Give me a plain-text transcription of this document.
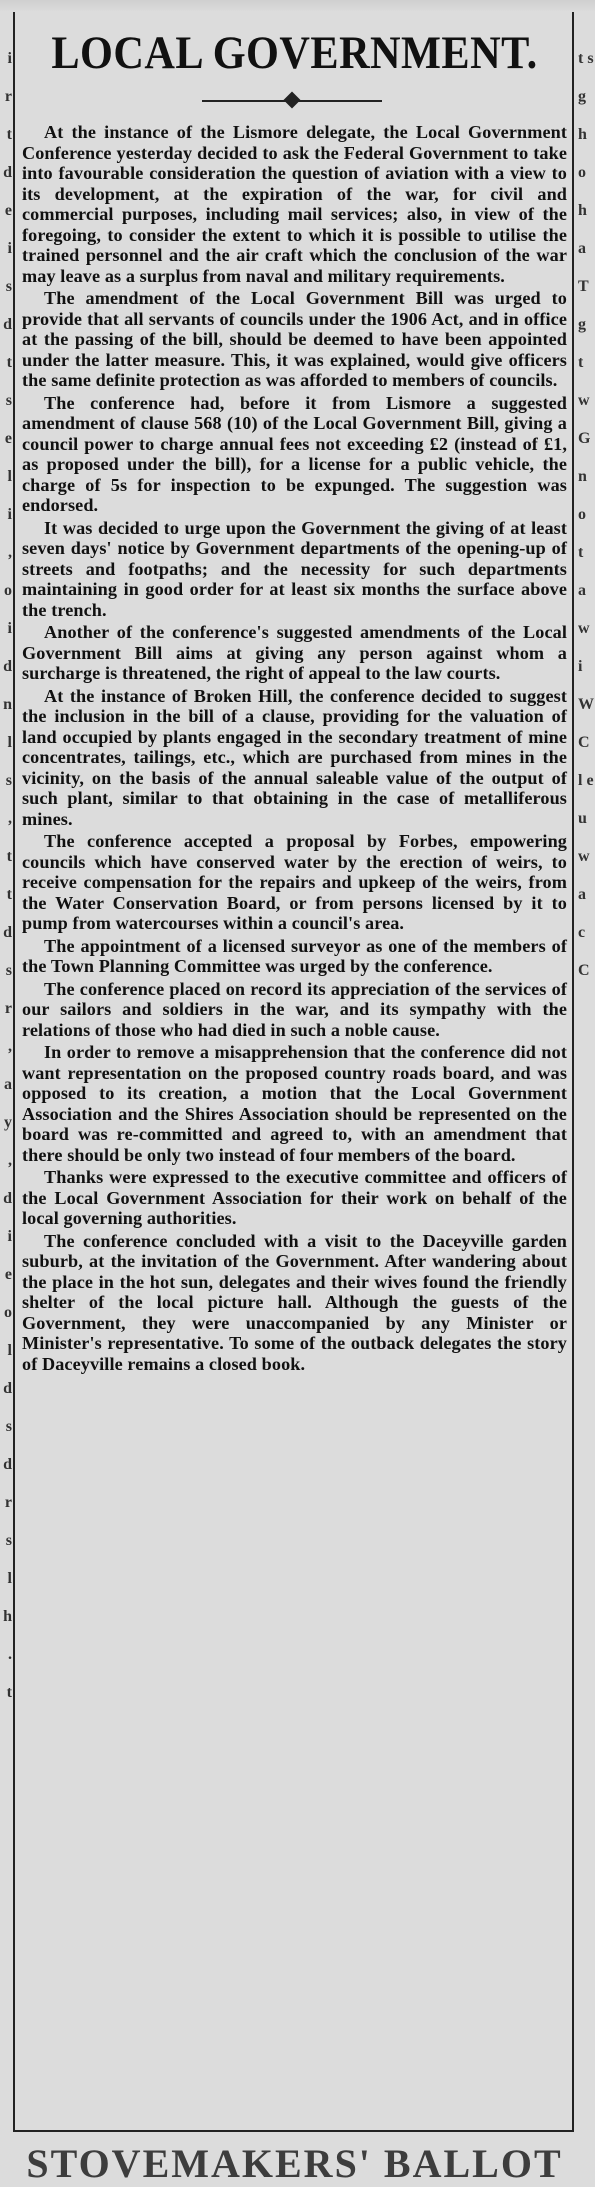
i r t d e i s d t s e l i , o i d n l s , t t d s r , a y , d i e o l d s d r s l h . t
t s g h o h a T g t w G n o t a w i W C l e u w a c C
LOCAL GOVERNMENT.

At the instance of the Lismore delegate, the Local Government Conference yesterday decided to ask the Federal Government to take into favourable consideration the question of aviation with a view to its development, at the expiration of the war, for civil and commercial purposes, including mail services; also, in view of the foregoing, to consider the extent to which it is possible to utilise the trained personnel and the air craft which the conclusion of the war may leave as a surplus from naval and military requirements.

The amendment of the Local Government Bill was urged to provide that all servants of councils under the 1906 Act, and in office at the passing of the bill, should be deemed to have been appointed under the latter measure. This, it was explained, would give officers the same definite protection as was afforded to members of councils.

The conference had, before it from Lismore a suggested amendment of clause 568 (10) of the Local Government Bill, giving a council power to charge annual fees not exceeding £2 (instead of £1, as proposed under the bill), for a license for a public vehicle, the charge of 5s for inspection to be expunged. The suggestion was endorsed.

It was decided to urge upon the Government the giving of at least seven days' notice by Government departments of the opening-up of streets and footpaths; and the necessity for such departments maintaining in good order for at least six months the surface above the trench.

Another of the conference's suggested amendments of the Local Government Bill aims at giving any person against whom a surcharge is threatened, the right of appeal to the law courts.

At the instance of Broken Hill, the conference decided to suggest the inclusion in the bill of a clause, providing for the valuation of land occupied by plants engaged in the secondary treatment of mine concentrates, tailings, etc., which are purchased from mines in the vicinity, on the basis of the annual saleable value of the output of such plant, similar to that obtaining in the case of metalliferous mines.

The conference accepted a proposal by Forbes, empowering councils which have conserved water by the erection of weirs, to receive compensation for the repairs and upkeep of the weirs, from the Water Conservation Board, or from persons licensed by it to pump from watercourses within a council's area.

The appointment of a licensed surveyor as one of the members of the Town Planning Committee was urged by the conference.

The conference placed on record its appreciation of the services of our sailors and soldiers in the war, and its sympathy with the relations of those who had died in such a noble cause.

In order to remove a misapprehension that the conference did not want representation on the proposed country roads board, and was opposed to its creation, a motion that the Local Government Association and the Shires Association should be represented on the board was re-committed and agreed to, with an amendment that there should be only two instead of four members of the board.

Thanks were expressed to the executive committee and officers of the Local Government Association for their work on behalf of the local governing authorities.

The conference concluded with a visit to the Daceyville garden suburb, at the invitation of the Government. After wandering about the place in the hot sun, delegates and their wives found the friendly shelter of the local picture hall. Although the guests of the Government, they were unaccompanied by any Minister or Minister's representative. To some of the outback delegates the story of Daceyville remains a closed book.

STOVEMAKERS' BALLOT
